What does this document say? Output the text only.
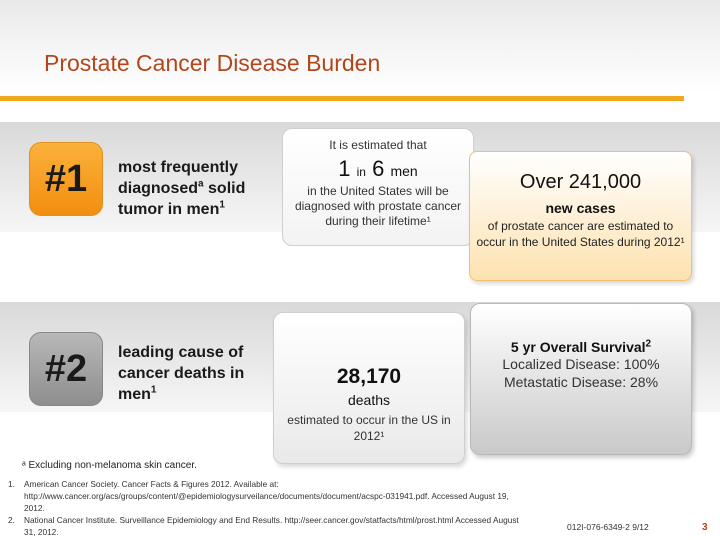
Prostate Cancer Disease Burden
#1	most frequently diagnosed$^a$ solid tumor in men$^1$
#2	leading cause of cancer deaths in men$^1$
It is estimated that
1 in 6 men
in the United States will be diagnosed with prostate cancer during their lifetime¹
Over 241,000
new cases
of prostate cancer are estimated to occur in the United States during 2012¹
28,170
deaths
estimated to occur in the US in 2012¹
5 yr Overall Survival$^2$
Localized Disease: 100%
Metastatic Disease: 28%
ᵃ Excluding non-melanoma skin cancer.
1.	American Cancer Society. Cancer Facts & Figures 2012. Available at: http://www.cancer.org/acs/groups/content/@epidemiologysurveilance/documents/document/acspc-031941.pdf. Accessed August 19, 2012.
2.	National Cancer Institute. Surveillance Epidemiology and End Results. http://seer.cancer.gov/statfacts/html/prost.html Accessed August 31, 2012.	012I-076-6349-2 9/12	3
